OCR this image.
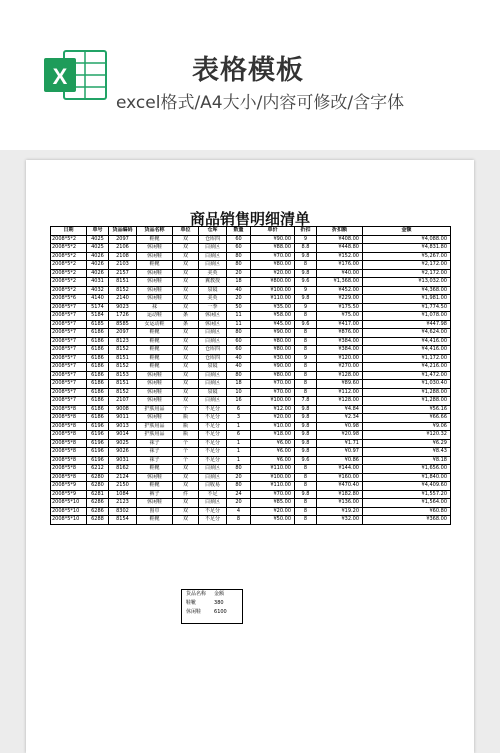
X	表格模板
excel格式/A4大小/内容可修改/含字体
商品销售明细清单
日期	单号	货品编码	货品名称	单位	仓库	数量	单价	折扣	折扣额	金额
2008*5*2	4025	2097	鞋靴	双	仓库四	60	¥90.00	9	¥408.00	¥4,088.00
2008*5*2	4025	2106	休闲鞋	双	白须区	60	¥88.00	8.8	¥448.80	¥4,831.80
2008*5*2	4026	2108	休闲鞋	双	白须区	80	¥70.00	9.8	¥152.00	¥5,267.00
2008*5*2	4026	2103	鞋靴	双	白须区	80	¥80.00	8	¥176.00	¥2,172.00
2008*5*2	4026	2157	休闲鞋	双	美英	20	¥20.00	9.8	¥40.00	¥2,172.00
2008*5*2	4031	8151	休闲鞋	双	翼教授	18	¥800.00	9.6	¥1,368.00	¥13,032.00
2008*5*2	4032	8152	休闲鞋	双	泉镜	40	¥100.00	9	¥452.00	¥4,368.00
2008*5*6	4140	2140	休闲鞋	双	美英	20	¥110.00	9.8	¥229.00	¥1,981.00
2008*5*7	5174	9023	袜	双	一季	50	¥35.00	9	¥175.50	¥1,774.50
2008*5*7	5184	1726	运动鞋	条	休闲区	11	¥58.00	8	¥75.00	¥1,078.00
2008*5*7	6185	8585	女运动鞋	条	休闲区	11	¥45.00	9.6	¥417.00	¥447.98
2008*5*7	6186	2097	鞋靴	双	白须区	80	¥90.00	8	¥876.00	¥4,624.00
2008*5*7	6186	8123	鞋靴	双	白须区	60	¥80.00	8	¥384.00	¥4,416.00
2008*5*7	6186	8152	鞋靴	双	仓库四	60	¥80.00	8	¥384.00	¥4,416.00
2008*5*7	6186	8151	鞋靴	双	仓库四	40	¥30.00	9	¥120.00	¥1,172.00
2008*5*7	6186	8152	鞋靴	双	泉镜	40	¥90.00	8	¥270.00	¥4,216.00
2008*5*7	6186	8153	休闲鞋	双	白须区	80	¥80.00	8	¥128.00	¥1,472.00
2008*5*7	6186	8151	休闲鞋	双	白须区	18	¥70.00	8	¥89.60	¥1,030.40
2008*5*7	6186	8152	休闲鞋	双	泉镜	10	¥70.00	8	¥112.00	¥1,288.00
2008*5*7	6186	2107	休闲鞋	双	白须区	16	¥100.00	7.8	¥128.00	¥1,288.00
2008*5*8	6186	9008	护肤用品	个	不足分	6	¥12.00	9.8	¥4.84	¥56.16
2008*5*8	6186	9011	休闲鞋	瓶	不足分	3	¥20.00	9.8	¥2.34	¥66.66
2008*5*8	6196	9013	护肤用品	瓶	不足分	1	¥10.00	9.8	¥0.98	¥9.06
2008*5*8	6196	9014	护肤用品	瓶	不足分	6	¥18.00	9.8	¥20.98	¥120.32
2008*5*8	6196	9025	袜子	个	不足分	1	¥6.00	9.8	¥1.71	¥6.29
2008*5*8	6196	9026	袜子	个	不足分	1	¥6.00	9.8	¥0.97	¥8.43
2008*5*8	6196	9031	袜子	个	不足分	1	¥6.00	9.6	¥0.86	¥8.18
2008*5*8	6212	8162	鞋靴	双	白须区	80	¥110.00	8	¥144.00	¥1,656.00
2008*5*8	6280	2124	休闲鞋	双	白须区	20	¥100.00	8	¥160.00	¥1,840.00
2008*5*9	6280	2150	鞋靴	双	白收易	80	¥110.00	8	¥470.40	¥4,409.60
2008*5*9	6281	1084	裤子	件	不足	24	¥70.00	9.8	¥182.80	¥1,557.20
2008*5*10	6286	2123	休闲鞋	双	白须区	20	¥85.00	8	¥136.00	¥1,564.00
2008*5*10	6286	8302	围巾	双	不足分	4	¥20.00	8	¥19.20	¥60.80
2008*5*10	6288	8154	鞋靴	双	不足分	8	¥50.00	8	¥32.00	¥368.00
货品名称	金额
鞋靴	380
休闲鞋	6100
